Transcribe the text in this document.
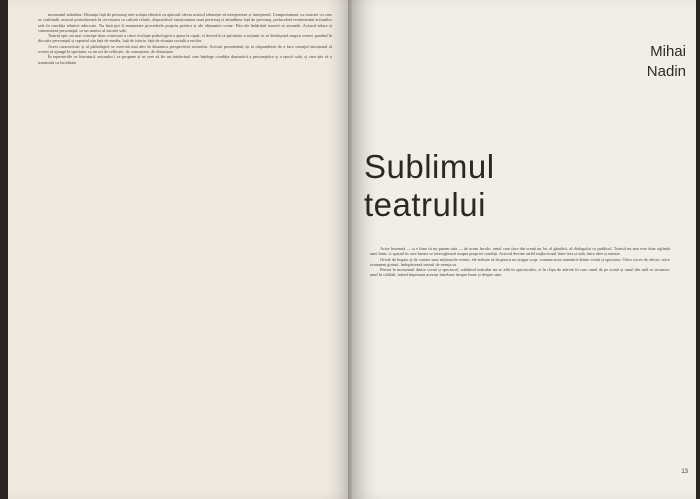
momentul atitudine. Distanța față de personaj este soluția tehnică cu ajutorul căreia actorul izbutește să interpreteze și interpretul. Comportament cu caracter cu care se confundă, actorul portretizează în cercetarea sa cultură relativ, dispozitivul emoționarea unui personaj și atitudinea față de personaj, prelucrând evenimentul acțiunilor sale în condiția tehnicii adecvate. Nu însă pot fi enumerate procedeele propriu poetica și ale obișnuitei scene. Prin ele îndărătul istoriei se ascunde. Actorul aduce și comentează personajul, ca un martor al istoriei sale.

Teatrul epic nu mai concepe doar conectare a căror evoluție psihologică a ajuns la capăt, el dezvoltă ca prioritate a acțiunii ce se desfășoară asupra scenei, punând în discuție personajul și raportul său față de mediu, față de istorie, față de situația socială a eroilor.

Acest caracteristic și al psihologiei se exercită mai ales în dinamica perspectivei actorului. Actorul prezentând, își ia răspunderea de a face mesajul emoțional al scenei să ajungă la spectator ca un act de reflecție, de cunoaștere, de distanțare.

În repertoriile ce literaturii, actorului i se propune și se cere să fie un intelectual care înțelege condiția dramatică a personajelor și a epocii sale, și care știe să o transmită cu luciditate.

Mihai
Nadin
Sublimul
teatrului

Actor însemnă — și e bine că nu putem uita — de acum încolo: omul care face din scenă un loc al gândirii, al dialogului cu publicul. Teatrul nu mai este doar oglinda unei lumi, ci spațiul în care lumea se interoghează asupra propriei condiții. Actorul devine astfel mijlocitorul între text și sală, între idee și emoție.

Oricât de bogate și de variate sunt mijloacele scenei, ele trebuie să slujească un singur scop: comunicarea autentică dintre scenă și spectator. Orice exces de efecte, orice ornament gratuit, îndepărtează teatrul de esența sa.

Pentru la momentul dintre scenă și spectacol, sublimul teatrului nu se află în spectaculos, ci în clipa de adevăr în care omul de pe scenă și omul din sală se recunosc unul în celălalt, trăind împreună aceeași întrebare despre lume și despre sine.

13
